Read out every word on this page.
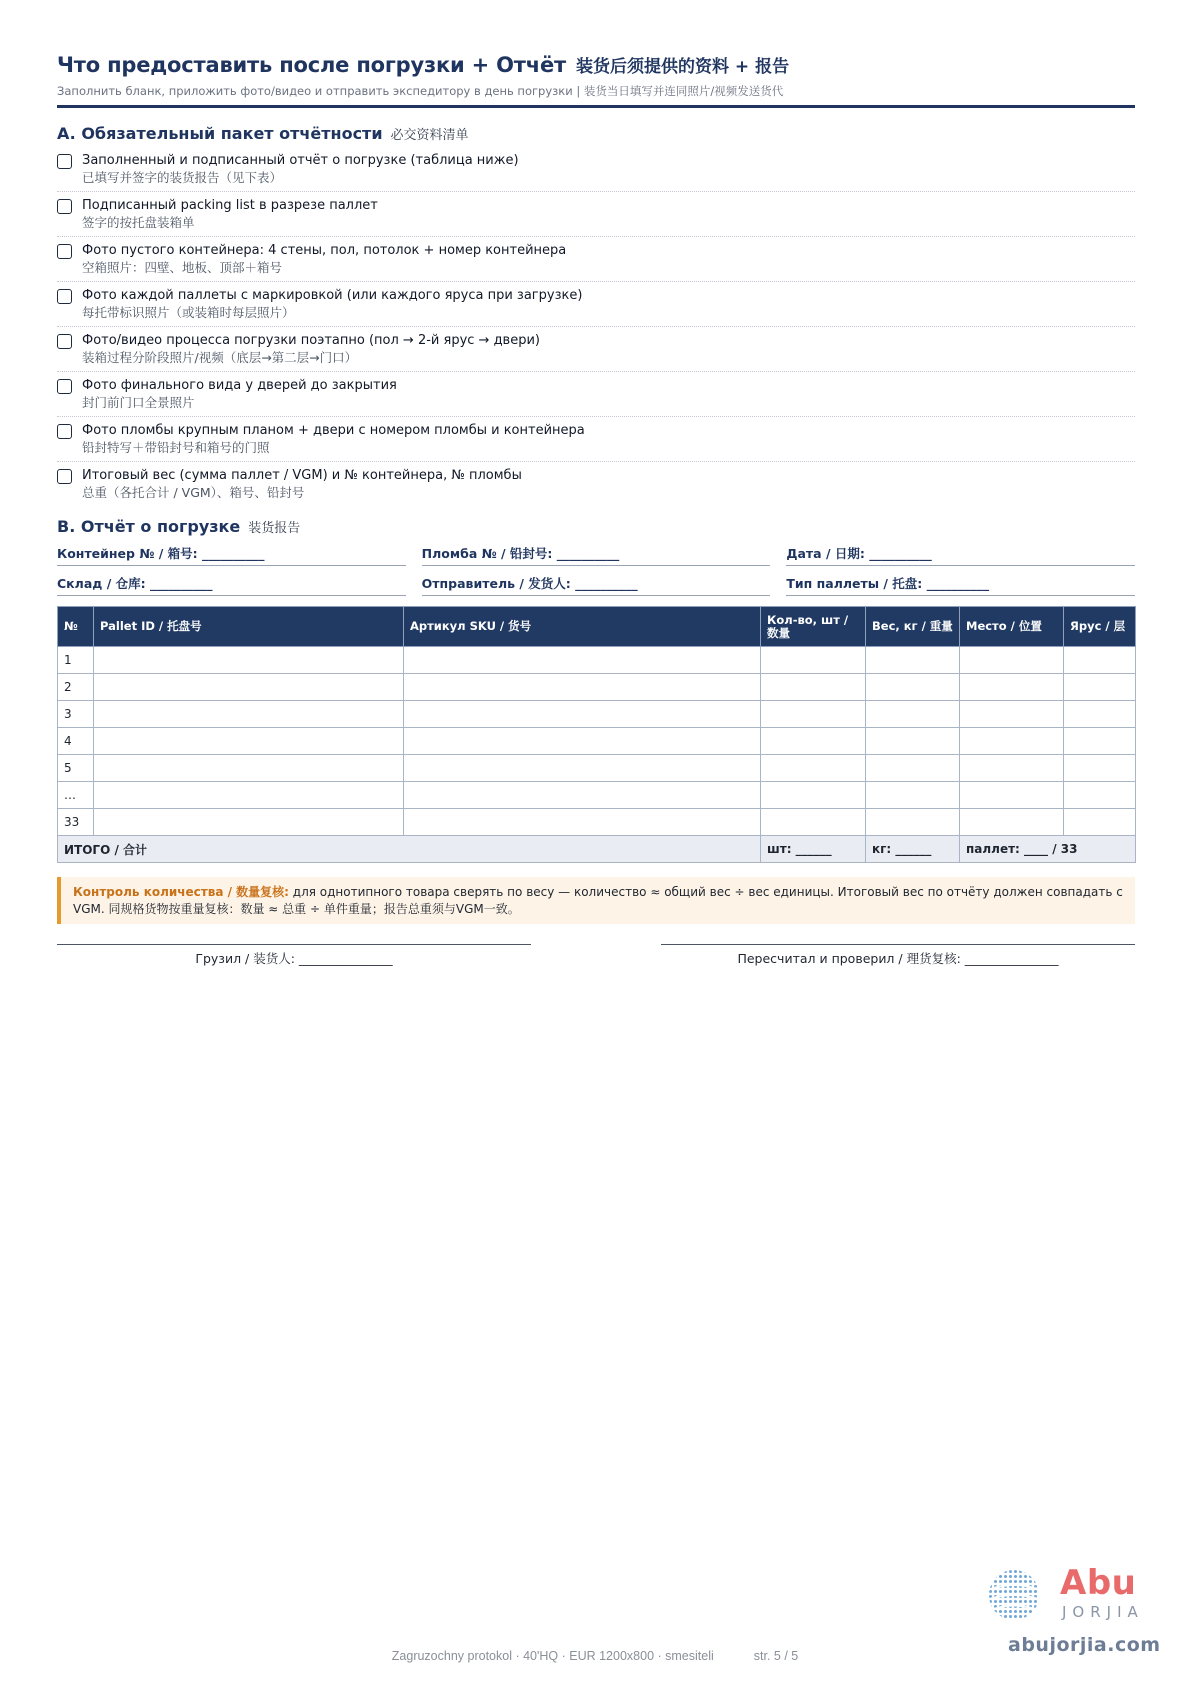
Что предоставить после погрузки + Отчёт 装货后须提供的资料 + 报告
Заполнить бланк, приложить фото/видео и отправить экспедитору в день погрузки | 装货当日填写并连同照片/视频发送货代
A. Обязательный пакет отчётности 必交资料清单
Заполненный и подписанный отчёт о погрузке (таблица ниже)
已填写并签字的装货报告（见下表）
Подписанный packing list в разрезе паллет
签字的按托盘装箱单
Фото пустого контейнера: 4 стены, пол, потолок + номер контейнера
空箱照片：四壁、地板、顶部＋箱号
Фото каждой паллеты с маркировкой (или каждого яруса при загрузке)
每托带标识照片（或装箱时每层照片）
Фото/видео процесса погрузки поэтапно (пол → 2-й ярус → двери)
装箱过程分阶段照片/视频（底层→第二层→门口）
Фото финального вида у дверей до закрытия
封门前门口全景照片
Фото пломбы крупным планом + двери с номером пломбы и контейнера
铅封特写＋带铅封号和箱号的门照
Итоговый вес (сумма паллет / VGM) и № контейнера, № пломбы
总重（各托合计 / VGM）、箱号、铅封号
B. Отчёт о погрузке 装货报告
Контейнер № / 箱号: __________	Пломба № / 铅封号: __________	Дата / 日期: __________
Склад / 仓库: __________	Отправитель / 发货人: __________	Тип паллеты / 托盘: __________
№	Pallet ID / 托盘号	Артикул SKU / 货号	Кол-во, шт / 数量	Вес, кг / 重量	Место / 位置	Ярус / 层
1						
2						
3						
4						
5						
…						
33						
ИТОГО / 合计			шт: ______	кг: ______	паллет: ____ / 33	
Контроль количества / 数量复核: для однотипного товара сверять по весу — количество ≈ общий вес ÷ вес единицы. Итоговый вес по отчёту должен совпадать с VGM. 同规格货物按重量复核：数量 ≈ 总重 ÷ 单件重量；报告总重须与VGM一致。
Грузил / 装货人: _______________	Пересчитал и проверил / 理货复核: _______________
Abu
JORJIA
abujorjia.com
Zagruzochny protokol · 40'HQ · EUR 1200x800 · smesiteli	str. 5 / 5
